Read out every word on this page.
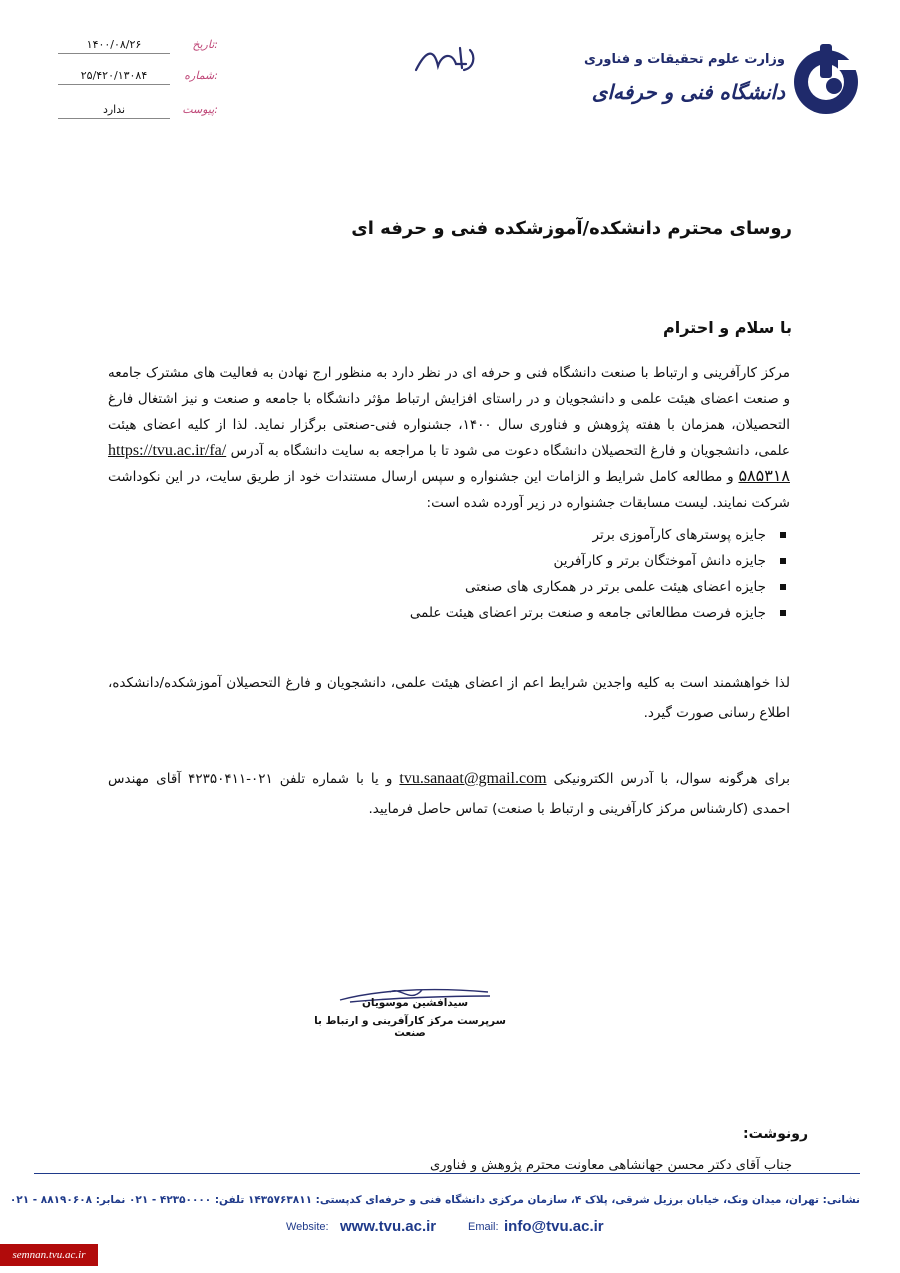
۱۴۰۰/۰۸/۲۶	تاریخ:
۲۵/۴۲۰/۱۳۰۸۴	شماره:
ندارد	پیوست:
وزارت علوم تحقیقات و فناوری
دانشگاه فنی و حرفه‌ای
روسای محترم دانشکده/آموزشکده فنی و حرفه ای
با سلام و احترام
مرکز کارآفرینی و ارتباط با صنعت دانشگاه فنی و حرفه ای در نظر دارد به منظور ارج نهادن به فعالیت های مشترک جامعه و صنعت اعضای هیئت علمی و دانشجویان و در راستای افزایش ارتباط مؤثر دانشگاه با جامعه و صنعت و نیز اشتغال فارغ التحصیلان، همزمان با هفته پژوهش و فناوری سال ۱۴۰۰، جشنواره فنی-صنعتی برگزار نماید. لذا از کلیه اعضای هیئت علمی، دانشجویان و فارغ التحصیلان دانشگاه دعوت می شود تا با مراجعه به سایت دانشگاه به آدرس https://tvu.ac.ir/fa/۵۸۵۳۱۸ و مطالعه کامل شرایط و الزامات این جشنواره و سپس ارسال مستندات خود از طریق سایت، در این نکوداشت شرکت نمایند. لیست مسابقات جشنواره در زیر آورده شده است:
جایزه پوسترهای کارآموزی برتر
جایزه دانش آموختگان برتر و کارآفرین
جایزه اعضای هیئت علمی برتر در همکاری های صنعتی
جایزه فرصت مطالعاتی جامعه و صنعت برتر اعضای هیئت علمی
لذا خواهشمند است به کلیه واجدین شرایط اعم از اعضای هیئت علمی، دانشجویان و فارغ التحصیلان آموزشکده/دانشکده، اطلاع رسانی صورت گیرد.
برای هرگونه سوال، با آدرس الکترونیکی tvu.sanaat@gmail.com و یا با شماره تلفن ۰۲۱-۴۲۳۵۰۴۱۱ آقای مهندس احمدی (کارشناس مرکز کارآفرینی و ارتباط با صنعت) تماس حاصل فرمایید.
سیدافشین موسویان
سرپرست مرکز کارآفرینی و ارتباط با صنعت
رونوشت:
جناب آقای دکتر محسن جهانشاهی معاونت محترم پژوهش و فناوری
نشانی: تهران، میدان ونک، خیابان برزیل شرقی، پلاک ۴، سازمان مرکزی دانشگاه فنی و حرفه‌ای کدپستی: ۱۴۳۵۷۶۳۸۱۱ تلفن: ۴۲۳۵۰۰۰۰ - ۰۲۱ نمابر: ۸۸۱۹۰۶۰۸ - ۰۲۱
Website: www.tvu.ac.ir	Email: info@tvu.ac.ir
semnan.tvu.ac.ir
